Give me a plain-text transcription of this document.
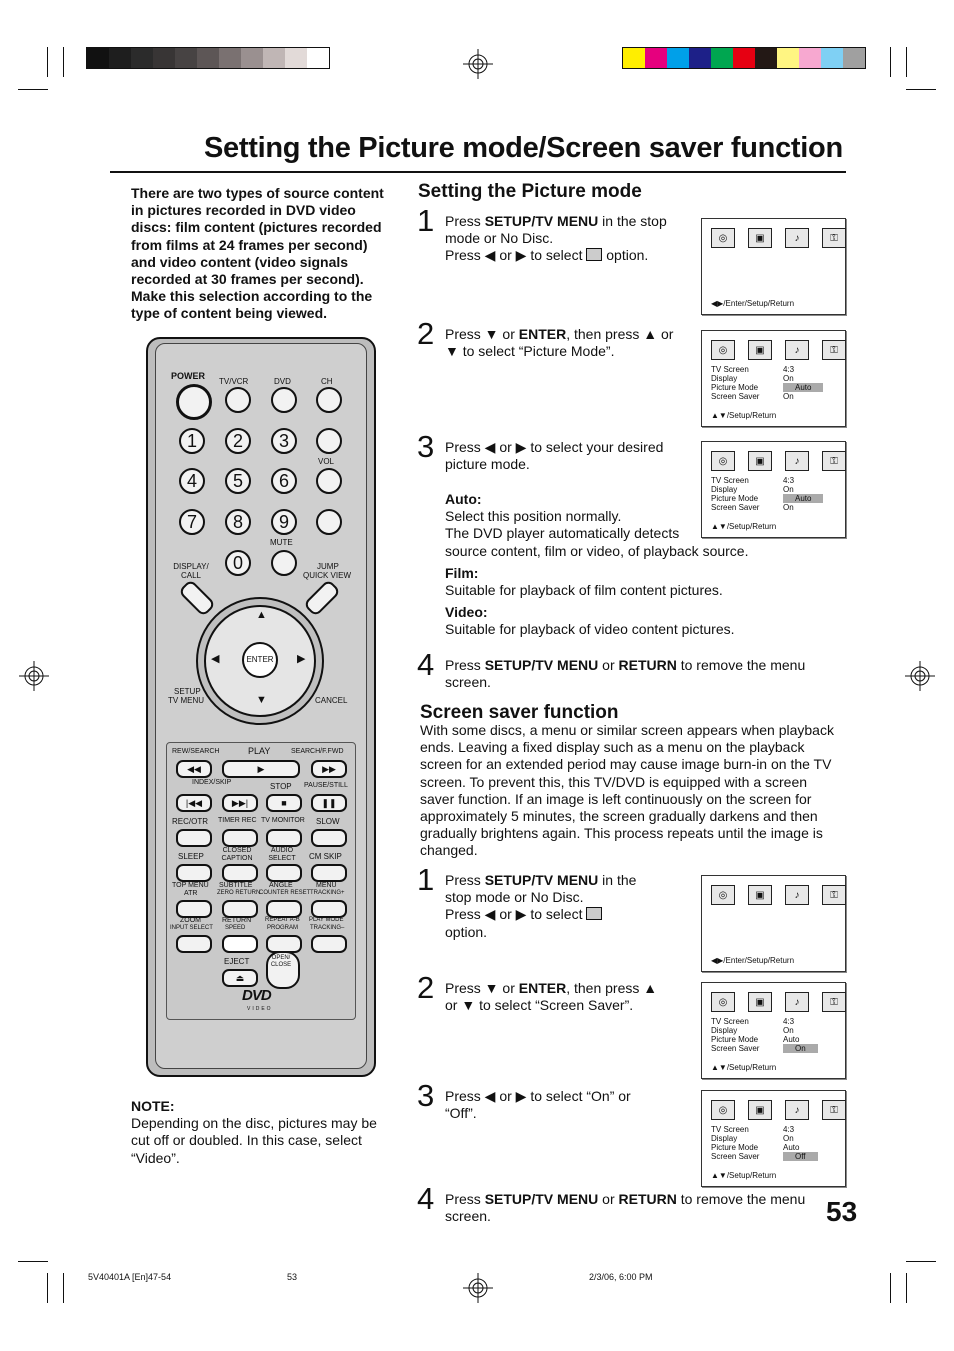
Setting the Picture mode/Screen saver function
There are two types of source content in pictures recorded in DVD video discs: film content (pictures recorded from films at 24 frames per second) and video content (video signals recorded at 30 frames per second). Make this selection according to the type of content being viewed.
Setting the Picture mode
1 Press SETUP/TV MENU in the stop mode or No Disc.
Press ◀ or ▶ to select  option.
2 Press ▼ or ENTER, then press ▲ or ▼ to select “Picture Mode”.
3 Press ◀ or ▶ to select your desired picture mode.
Auto:
Select this position normally.
The DVD player automatically detects
source content, film or video, of playback source.
Film:
Suitable for playback of film content pictures.
Video:
Suitable for playback of video content pictures.
4 Press SETUP/TV MENU or RETURN to remove the menu screen.
◎	▣	♪	⚿
◀▶/Enter/Setup/Return
◎	▣	♪	⚿
TV Screen	4:3
Display	On
Picture Mode	Auto
Screen Saver	On
▲▼/Setup/Return
◎	▣	♪	⚿
TV Screen	4:3
Display	On
Picture Mode	Auto
Screen Saver	On
▲▼/Setup/Return
Screen saver function
With some discs, a menu or similar screen appears when playback ends. Leaving a fixed display such as a menu on the playback screen for an extended period may cause image burn-in on the TV screen. To prevent this, this TV/DVD is equipped with a screen saver function. If an image is left continuously on the screen for approximately 5 minutes, the screen gradually darkens and then gradually brightens again. This process repeats until the image is changed.
1 Press SETUP/TV MENU in the stop mode or No Disc.
Press ◀ or ▶ to select
option.
2 Press ▼ or ENTER, then press ▲ or ▼ to select “Screen Saver”.
3 Press ◀ or ▶ to select “On” or “Off”.
4 Press SETUP/TV MENU or RETURN to remove the menu screen.
◎	▣	♪	⚿
◀▶/Enter/Setup/Return
◎	▣	♪	⚿
TV Screen	4:3
Display	On
Picture Mode	Auto
Screen Saver	On
▲▼/Setup/Return
◎	▣	♪	⚿
TV Screen	4:3
Display	On
Picture Mode	Auto
Screen Saver	Off
▲▼/Setup/Return
NOTE:
Depending on the disc, pictures may be cut off or doubled. In this case, select “Video”.
POWER
TV/VCR	DVD	CH
1	2	3
VOL
4	5	6
7	8	9
MUTE
0
DISPLAY/
CALL
JUMP
QUICK VIEW
▲
▼
◀	▶
ENTER
SETUP
TV MENU	CANCEL
REW/SEARCH	PLAY	SEARCH/F.FWD
◀◀	▶	▶▶
INDEX/SKIP	STOP PAUSE/STILL
|◀◀	▶▶|	■	❚❚
REC/OTR TIMER REC TV MONITOR SLOW
SLEEP
CLOSED CAPTION
AUDIO SELECT CM SKIP
TOP MENU
ATR
SUBTITLE
ZERO RETURN
ANGLE
COUNTER RESET
MENU
TRACKING+
ZOOM
INPUT SELECT
RETURN
SPEED
REPEAT A-B
PROGRAM
PLAY MODE
TRACKING–
EJECT
⏏
OPEN/ CLOSE
DVD
VIDEO
5V40401A [En]47-54	53	2/3/06, 6:00 PM
53
